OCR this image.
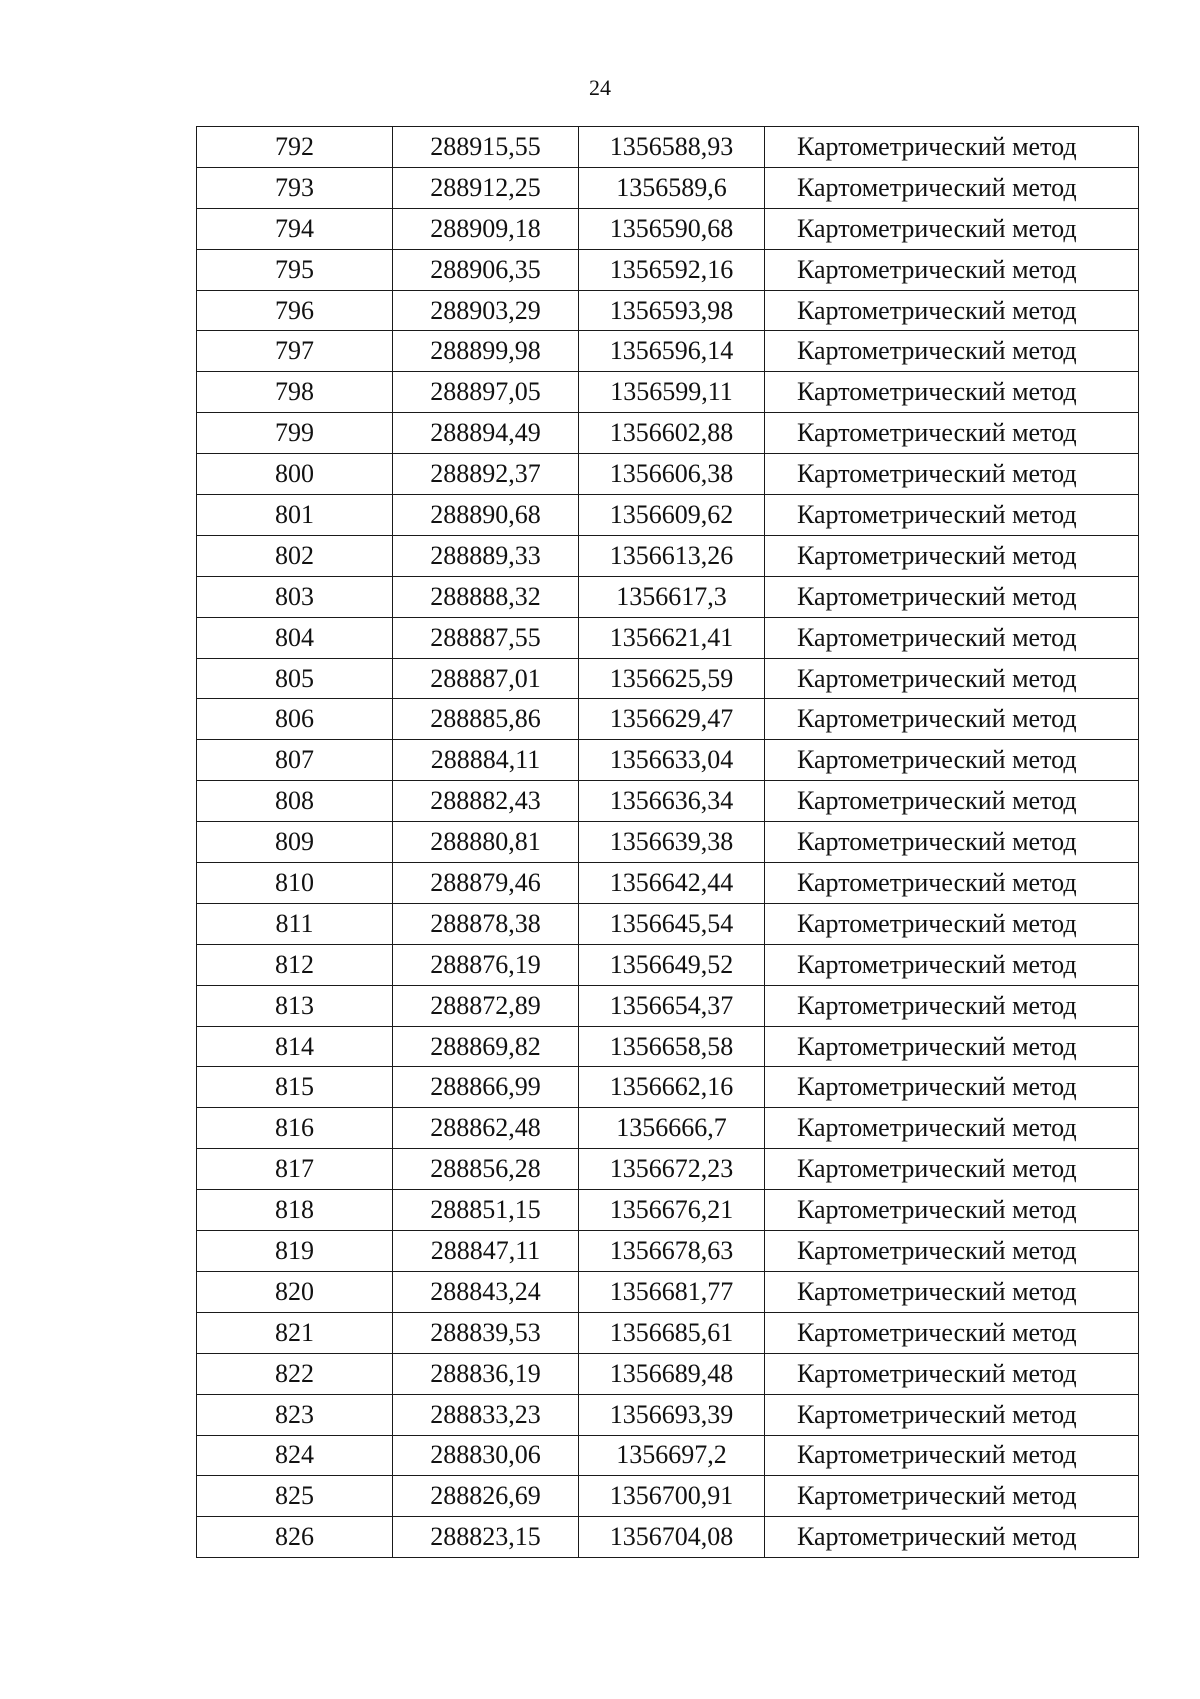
24
792	288915,55	1356588,93	Картометрический метод
793	288912,25	1356589,6	Картометрический метод
794	288909,18	1356590,68	Картометрический метод
795	288906,35	1356592,16	Картометрический метод
796	288903,29	1356593,98	Картометрический метод
797	288899,98	1356596,14	Картометрический метод
798	288897,05	1356599,11	Картометрический метод
799	288894,49	1356602,88	Картометрический метод
800	288892,37	1356606,38	Картометрический метод
801	288890,68	1356609,62	Картометрический метод
802	288889,33	1356613,26	Картометрический метод
803	288888,32	1356617,3	Картометрический метод
804	288887,55	1356621,41	Картометрический метод
805	288887,01	1356625,59	Картометрический метод
806	288885,86	1356629,47	Картометрический метод
807	288884,11	1356633,04	Картометрический метод
808	288882,43	1356636,34	Картометрический метод
809	288880,81	1356639,38	Картометрический метод
810	288879,46	1356642,44	Картометрический метод
811	288878,38	1356645,54	Картометрический метод
812	288876,19	1356649,52	Картометрический метод
813	288872,89	1356654,37	Картометрический метод
814	288869,82	1356658,58	Картометрический метод
815	288866,99	1356662,16	Картометрический метод
816	288862,48	1356666,7	Картометрический метод
817	288856,28	1356672,23	Картометрический метод
818	288851,15	1356676,21	Картометрический метод
819	288847,11	1356678,63	Картометрический метод
820	288843,24	1356681,77	Картометрический метод
821	288839,53	1356685,61	Картометрический метод
822	288836,19	1356689,48	Картометрический метод
823	288833,23	1356693,39	Картометрический метод
824	288830,06	1356697,2	Картометрический метод
825	288826,69	1356700,91	Картометрический метод
826	288823,15	1356704,08	Картометрический метод
